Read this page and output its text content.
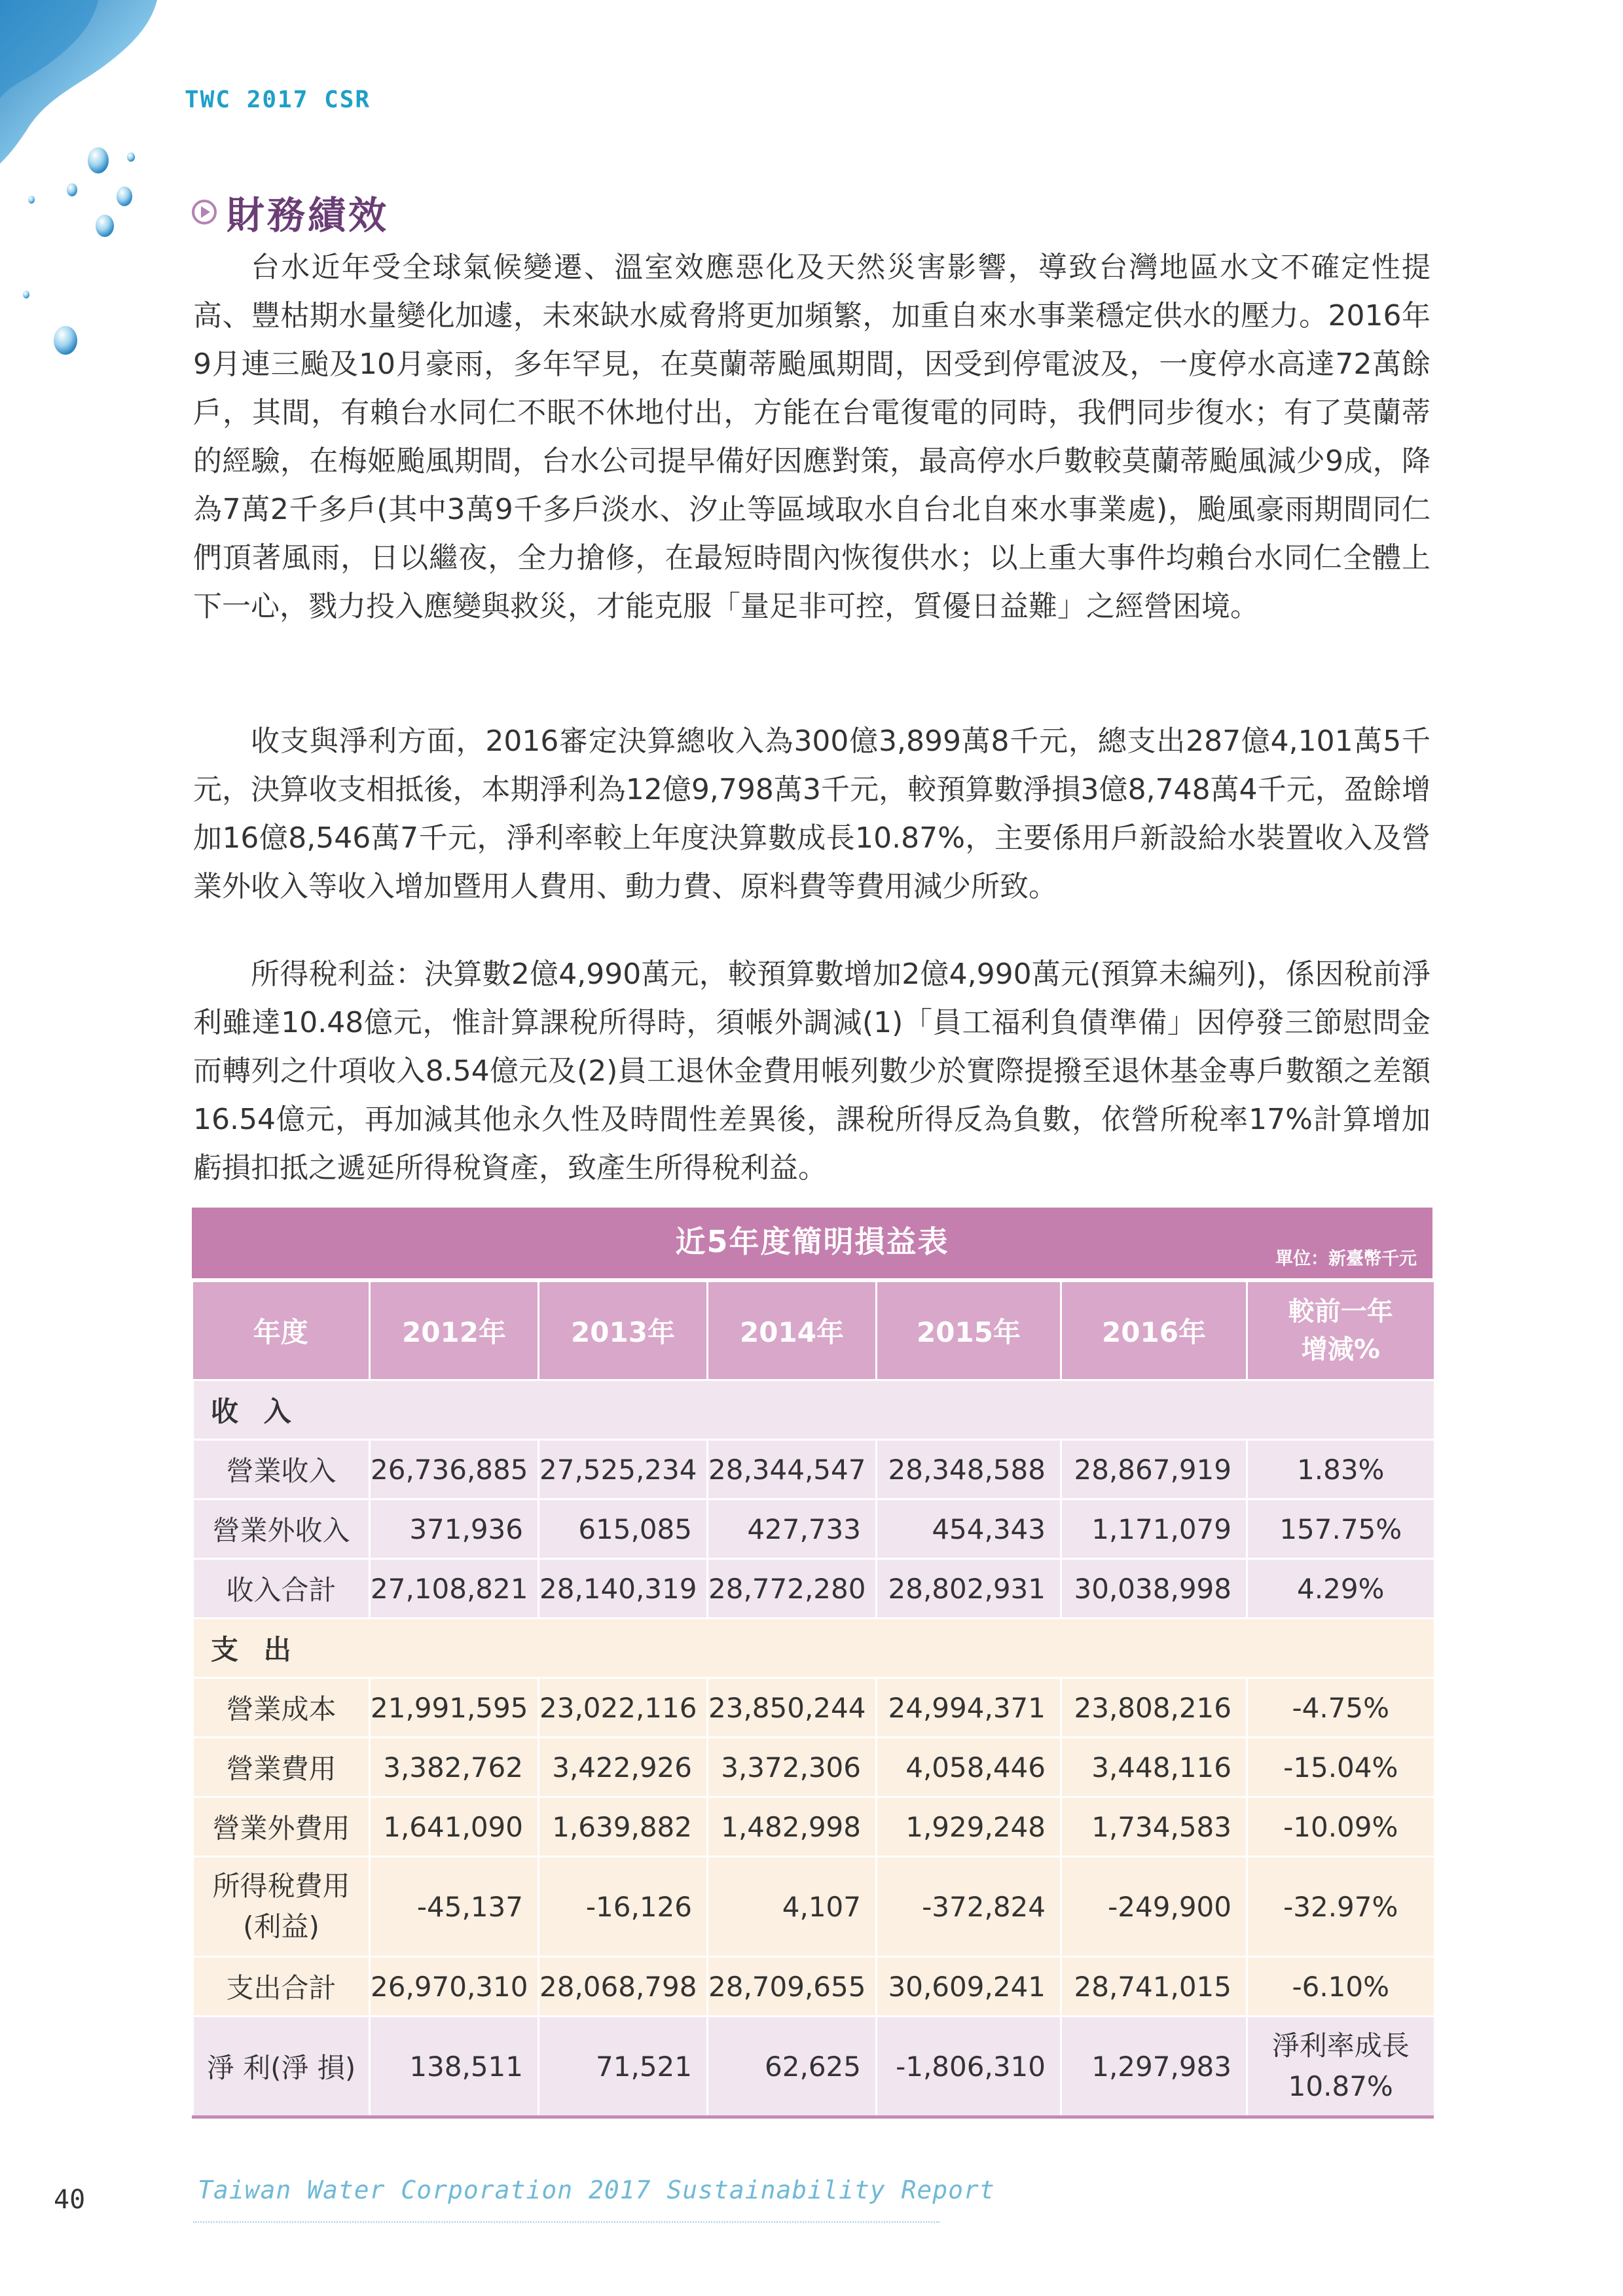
TWC 2017 CSR
財務績效

台水近年受全球氣候變遷、溫室效應惡化及天然災害影響，導致台灣地區水文不確定性提高、豐枯期水量變化加遽，未來缺水威脅將更加頻繁，加重自來水事業穩定供水的壓力。2016年9月連三颱及10月豪雨，多年罕見，在莫蘭蒂颱風期間，因受到停電波及，一度停水高達72萬餘戶，其間，有賴台水同仁不眠不休地付出，方能在台電復電的同時，我們同步復水；有了莫蘭蒂的經驗，在梅姬颱風期間，台水公司提早備好因應對策，最高停水戶數較莫蘭蒂颱風減少9成，降為7萬2千多戶(其中3萬9千多戶淡水、汐止等區域取水自台北自來水事業處)，颱風豪雨期間同仁們頂著風雨，日以繼夜，全力搶修，在最短時間內恢復供水；以上重大事件均賴台水同仁全體上下一心，戮力投入應變與救災，才能克服「量足非可控，質優日益難」之經營困境。

收支與淨利方面，2016審定決算總收入為300億3,899萬8千元，總支出287億4,101萬5千元，決算收支相抵後，本期淨利為12億9,798萬3千元，較預算數淨損3億8,748萬4千元，盈餘增加16億8,546萬7千元，淨利率較上年度決算數成長10.87%，主要係用戶新設給水裝置收入及營業外收入等收入增加暨用人費用、動力費、原料費等費用減少所致。

所得稅利益：決算數2億4,990萬元，較預算數增加2億4,990萬元(預算未編列)，係因稅前淨利雖達10.48億元，惟計算課稅所得時，須帳外調減(1)「員工福利負債準備」因停發三節慰問金而轉列之什項收入8.54億元及(2)員工退休金費用帳列數少於實際提撥至退休基金專戶數額之差額16.54億元，再加減其他永久性及時間性差異後，課稅所得反為負數，依營所稅率17%計算增加虧損扣抵之遞延所得稅資產，致產生所得稅利益。

近5年度簡明損益表	單位：新臺幣千元
年度	2012年	2013年	2014年	2015年	2016年	較前一年
增減%
收 入						
營業收入	26,736,885	27,525,234	28,344,547	28,348,588	28,867,919	1.83%
營業外收入	371,936	615,085	427,733	454,343	1,171,079	157.75%
收入合計	27,108,821	28,140,319	28,772,280	28,802,931	30,038,998	4.29%
支 出						
營業成本	21,991,595	23,022,116	23,850,244	24,994,371	23,808,216	-4.75%
營業費用	3,382,762	3,422,926	3,372,306	4,058,446	3,448,116	-15.04%
營業外費用	1,641,090	1,639,882	1,482,998	1,929,248	1,734,583	-10.09%
所得稅費用
(利益)	-45,137	-16,126	4,107	-372,824	-249,900	-32.97%
支出合計	26,970,310	28,068,798	28,709,655	30,609,241	28,741,015	-6.10%
淨 利(淨 損)	138,511	71,521	62,625	-1,806,310	1,297,983	淨利率成長
10.87%
40	Taiwan Water Corporation 2017 Sustainability Report
